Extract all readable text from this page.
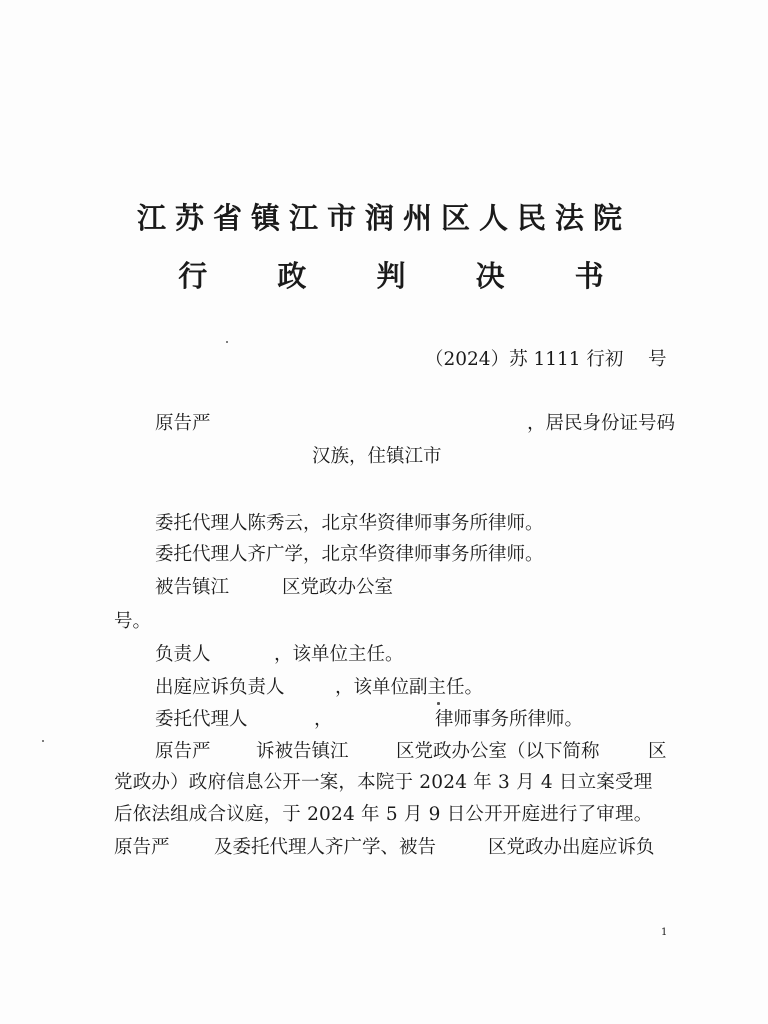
江苏省镇江市润州区人民法院
行 政 判 决 书
（2024）苏 1111 行初 号
原告严	，居民身份证号码
汉族，住镇江市
委托代理人陈秀云，北京华资律师事务所律师。
委托代理人齐广学，北京华资律师事务所律师。
被告镇江	区党政办公室
号。
负责人	，该单位主任。
出庭应诉负责人	，该单位副主任。
委托代理人	，	律师事务所律师。
原告严 诉被告镇江	区党政办公室（以下简称	区
党政办）政府信息公开一案，本院于 2024 年 3 月 4 日立案受理
后依法组成合议庭，于 2024 年 5 月 9 日公开开庭进行了审理。
原告严 及委托代理人齐广学、被告	区党政办出庭应诉负
1
